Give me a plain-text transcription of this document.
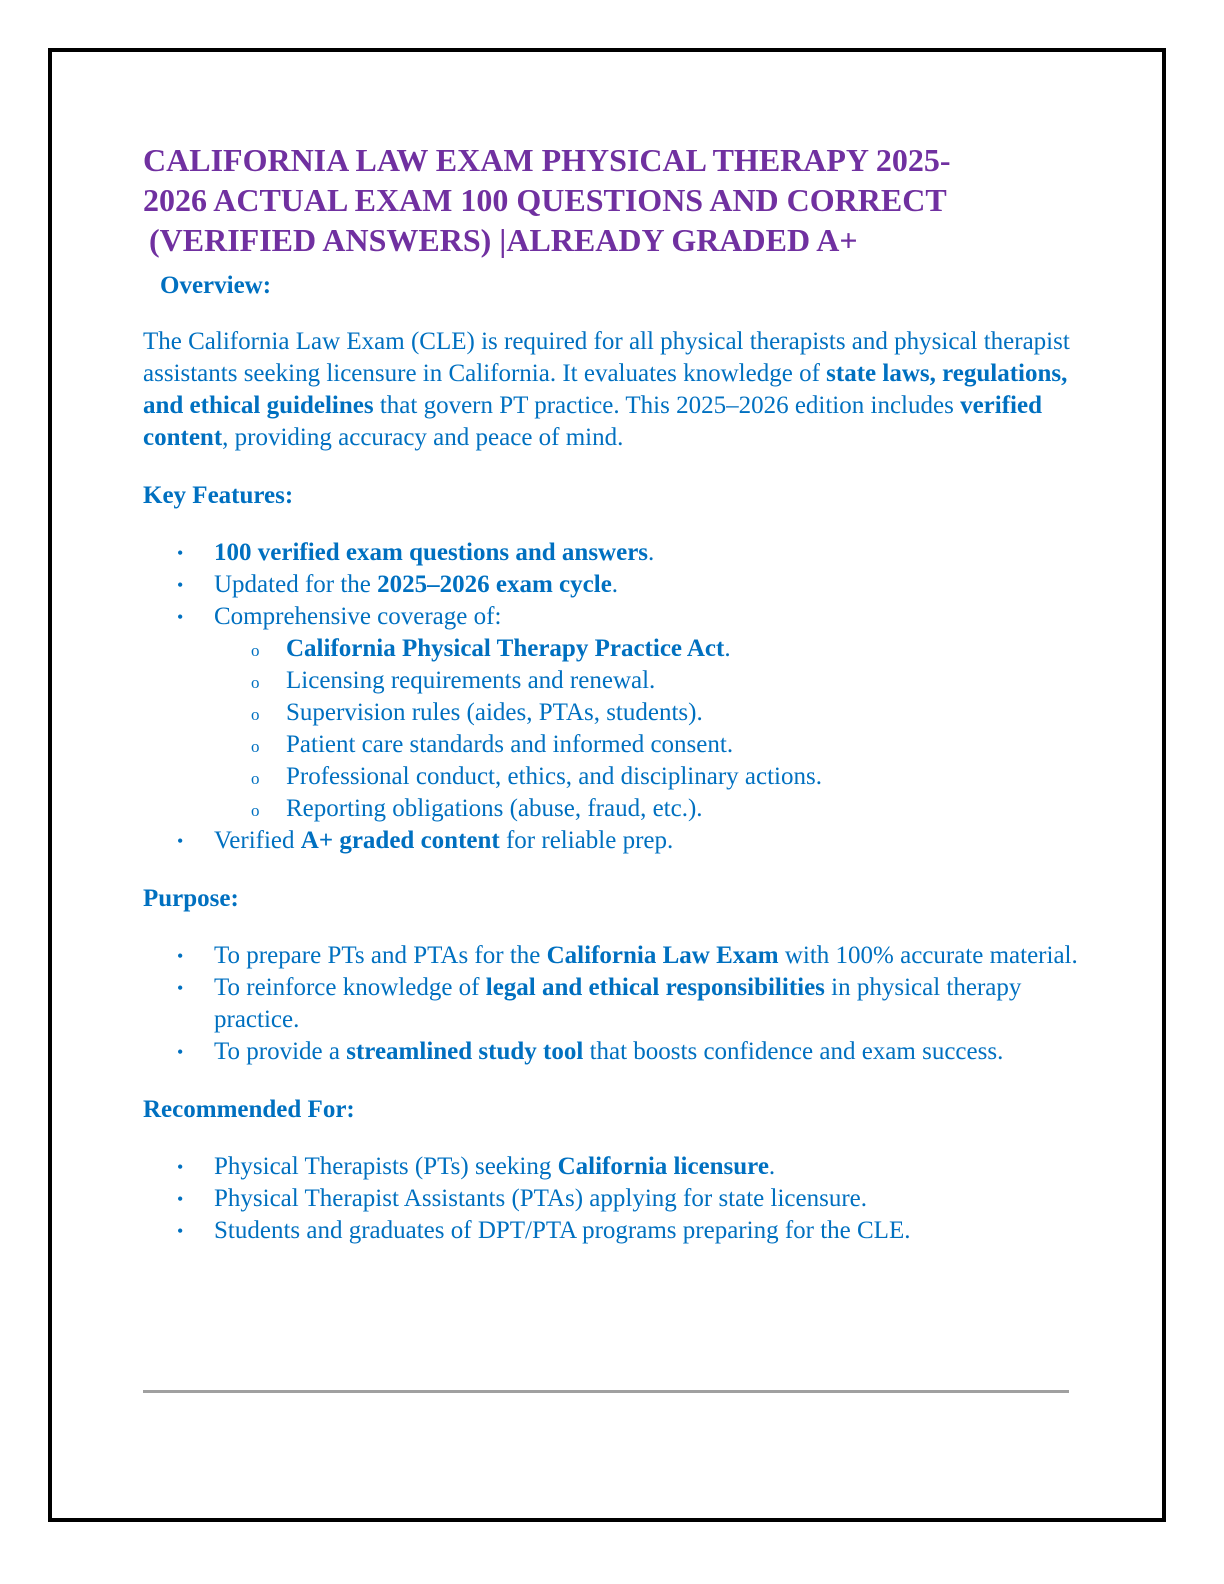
CALIFORNIA LAW EXAM PHYSICAL THERAPY 2025-
2026 ACTUAL EXAM 100 QUESTIONS AND CORRECT
(VERIFIED ANSWERS) |ALREADY GRADED A+
Overview:

The California Law Exam (CLE) is required for all physical therapists and physical therapist assistants seeking licensure in California. It evaluates knowledge of state laws, regulations, and ethical guidelines that govern PT practice. This 2025–2026 edition includes verified content, providing accuracy and peace of mind.

Key Features:
• 100 verified exam questions and answers.
• Updated for the 2025–2026 exam cycle.
• Comprehensive coverage of:
o California Physical Therapy Practice Act.
o Licensing requirements and renewal.
o Supervision rules (aides, PTAs, students).
o Patient care standards and informed consent.
o Professional conduct, ethics, and disciplinary actions.
o Reporting obligations (abuse, fraud, etc.).
• Verified A+ graded content for reliable prep.
Purpose:
• To prepare PTs and PTAs for the California Law Exam with 100% accurate material.
• To reinforce knowledge of legal and ethical responsibilities in physical therapy practice.
• To provide a streamlined study tool that boosts confidence and exam success.
Recommended For:
• Physical Therapists (PTs) seeking California licensure.
• Physical Therapist Assistants (PTAs) applying for state licensure.
• Students and graduates of DPT/PTA programs preparing for the CLE.
